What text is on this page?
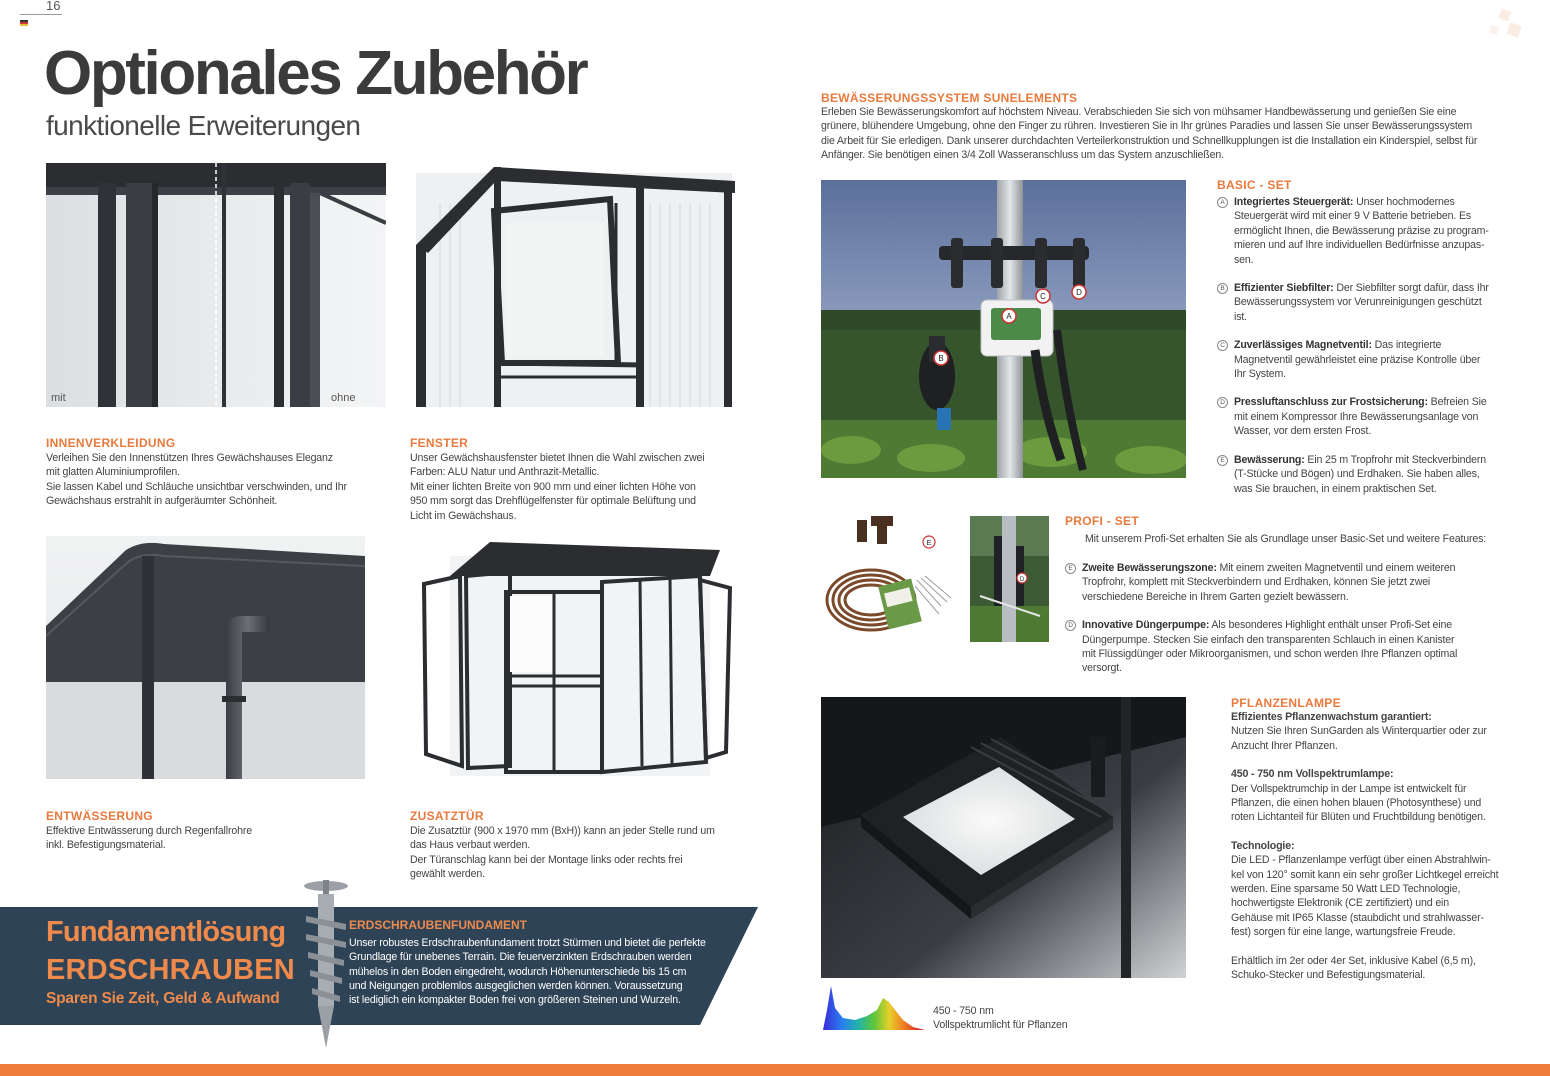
16
Optionales Zubehör
funktionelle Erweiterungen
mit	ohne
INNENVERKLEIDUNG
Verleihen Sie den Innenstützen Ihres Gewächshauses Eleganz
mit glatten Aluminiumprofilen.
Sie lassen Kabel und Schläuche unsichtbar verschwinden, und Ihr
Gewächshaus erstrahlt in aufgeräumter Schönheit.
FENSTER
Unser Gewächshausfenster bietet Ihnen die Wahl zwischen zwei
Farben: ALU Natur und Anthrazit-Metallic.
Mit einer lichten Breite von 900 mm und einer lichten Höhe von
950 mm sorgt das Drehflügelfenster für optimale Belüftung und
Licht im Gewächshaus.
ENTWÄSSERUNG
Effektive Entwässerung durch Regenfallrohre
inkl. Befestigungsmaterial.
ZUSATZTÜR
Die Zusatztür (900 x 1970 mm (BxH)) kann an jeder Stelle rund um
das Haus verbaut werden.
Der Türanschlag kann bei der Montage links oder rechts frei
gewählt werden.
Fundamentlösung
ERDSCHRAUBEN
Sparen Sie Zeit, Geld & Aufwand
ERDSCHRAUBENFUNDAMENT
Unser robustes Erdschraubenfundament trotzt Stürmen und bietet die perfekte
Grundlage für unebenes Terrain. Die feuerverzinkten Erdschrauben werden
mühelos in den Boden eingedreht, wodurch Höhenunterschiede bis 15 cm
und Neigungen problemlos ausgeglichen werden können. Voraussetzung
ist lediglich ein kompakter Boden frei von größeren Steinen und Wurzeln.
BEWÄSSERUNGSSYSTEM SUNELEMENTS
Erleben Sie Bewässerungskomfort auf höchstem Niveau. Verabschieden Sie sich von mühsamer Handbewässerung und genießen Sie eine
grünere, blühendere Umgebung, ohne den Finger zu rühren. Investieren Sie in Ihr grünes Paradies und lassen Sie unser Bewässerungssystem
die Arbeit für Sie erledigen. Dank unserer durchdachten Verteilerkonstruktion und Schnellkupplungen ist die Installation ein Kinderspiel, selbst für
Anfänger. Sie benötigen einen 3/4 Zoll Wasseranschluss um das System anzuschließen.
B
A
C	D
BASIC - SET
A Integriertes Steuergerät: Unser hochmodernes
Steuergerät wird mit einer 9 V Batterie betrieben. Es
ermöglicht Ihnen, die Bewässerung präzise zu program-
mieren und auf Ihre individuellen Bedürfnisse anzupas-
sen.
B Effizienter Siebfilter: Der Siebfilter sorgt dafür, dass Ihr
Bewässerungssystem vor Verunreinigungen geschützt
ist.
C Zuverlässiges Magnetventil: Das integrierte
Magnetventil gewährleistet eine präzise Kontrolle über
Ihr System.
D Pressluftanschluss zur Frostsicherung: Befreien Sie
mit einem Kompressor Ihre Bewässerungsanlage von
Wasser, vor dem ersten Frost.
E Bewässerung: Ein 25 m Tropfrohr mit Steckverbindern
(T-Stücke und Bögen) und Erdhaken. Sie haben alles,
was Sie brauchen, in einem praktischen Set.
E
D
PROFI - SET
Mit unserem Profi-Set erhalten Sie als Grundlage unser Basic-Set und weitere Features:
E Zweite Bewässerungszone: Mit einem zweiten Magnetventil und einem weiteren
Tropfrohr, komplett mit Steckverbindern und Erdhaken, können Sie jetzt zwei
verschiedene Bereiche in Ihrem Garten gezielt bewässern.
D Innovative Düngerpumpe: Als besonderes Highlight enthält unser Profi-Set eine
Düngerpumpe. Stecken Sie einfach den transparenten Schlauch in einen Kanister
mit Flüssigdünger oder Mikroorganismen, und schon werden Ihre Pflanzen optimal
versorgt.
450 - 750 nm
Vollspektrumlicht für Pflanzen
PFLANZENLAMPE
Effizientes Pflanzenwachstum garantiert:
Nutzen Sie Ihren SunGarden als Winterquartier oder zur
Anzucht Ihrer Pflanzen.
450 - 750 nm Vollspektrumlampe:
Der Vollspektrumchip in der Lampe ist entwickelt für
Pflanzen, die einen hohen blauen (Photosynthese) und
roten Lichtanteil für Blüten und Fruchtbildung benötigen.
Technologie:
Die LED - Pflanzenlampe verfügt über einen Abstrahlwin-
kel von 120° somit kann ein sehr großer Lichtkegel erreicht
werden. Eine sparsame 50 Watt LED Technologie,
hochwertigste Elektronik (CE zertifiziert) und ein
Gehäuse mit IP65 Klasse (staubdicht und strahlwasser-
fest) sorgen für eine lange, wartungsfreie Freude.
Erhältlich im 2er oder 4er Set, inklusive Kabel (6,5 m),
Schuko-Stecker und Befestigungsmaterial.
